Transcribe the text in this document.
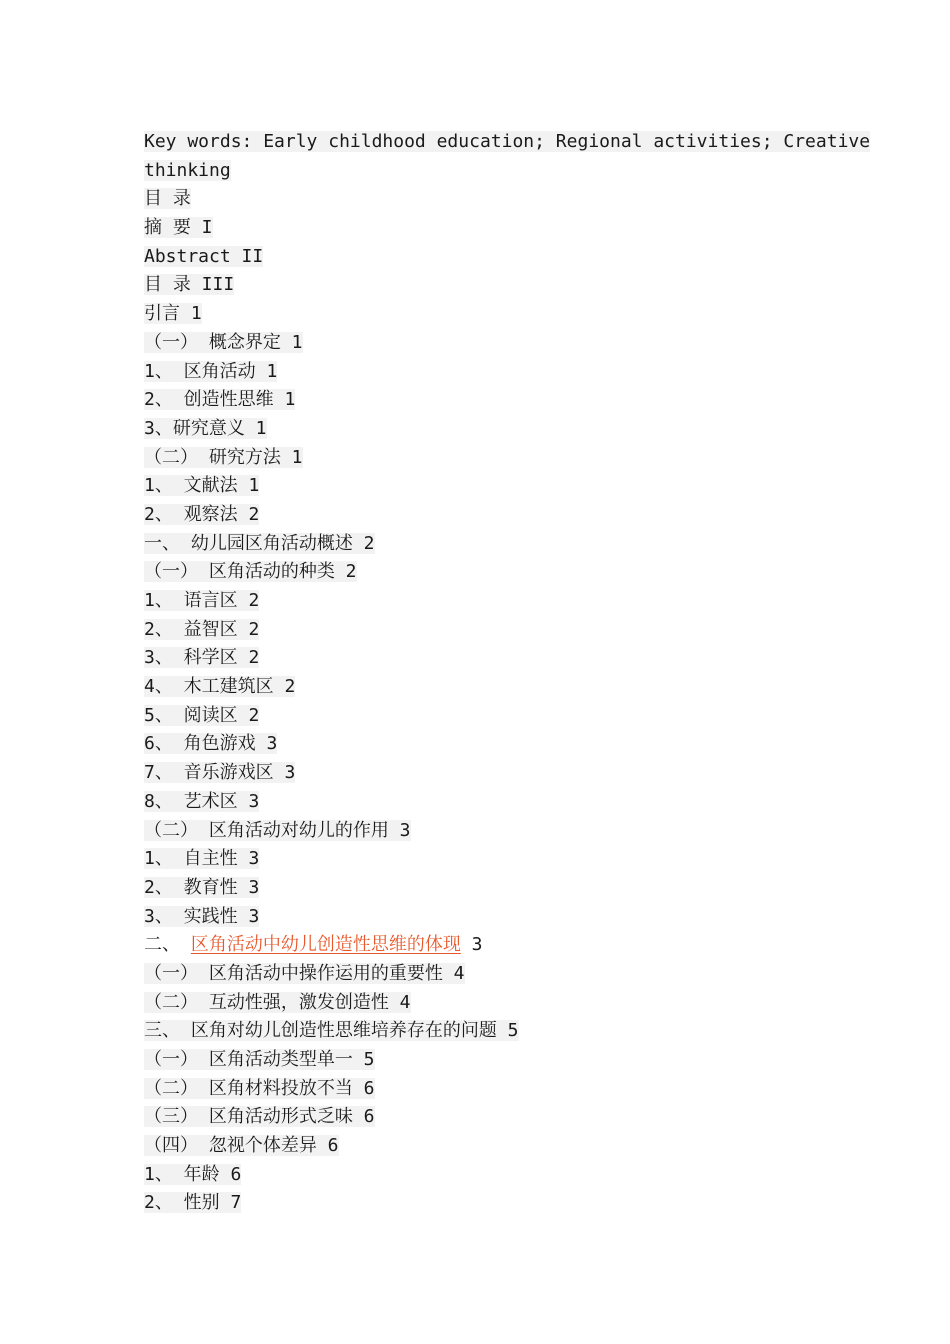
Key words: Early childhood education; Regional activities; Creative
thinking
目 录
摘 要 I
Abstract II
目 录 III
引言 1
（一） 概念界定 1
1、 区角活动 1
2、 创造性思维 1
3、研究意义 1
（二） 研究方法 1
1、 文献法 1
2、 观察法 2
一、 幼儿园区角活动概述 2
（一） 区角活动的种类 2
1、 语言区 2
2、 益智区 2
3、 科学区 2
4、 木工建筑区 2
5、 阅读区 2
6、 角色游戏 3
7、 音乐游戏区 3
8、 艺术区 3
（二） 区角活动对幼儿的作用 3
1、 自主性 3
2、 教育性 3
3、 实践性 3
二、 区角活动中幼儿创造性思维的体现 3
（一） 区角活动中操作运用的重要性 4
（二） 互动性强，激发创造性 4
三、 区角对幼儿创造性思维培养存在的问题 5
（一） 区角活动类型单一 5
（二） 区角材料投放不当 6
（三） 区角活动形式乏味 6
（四） 忽视个体差异 6
1、 年龄 6
2、 性别 7
